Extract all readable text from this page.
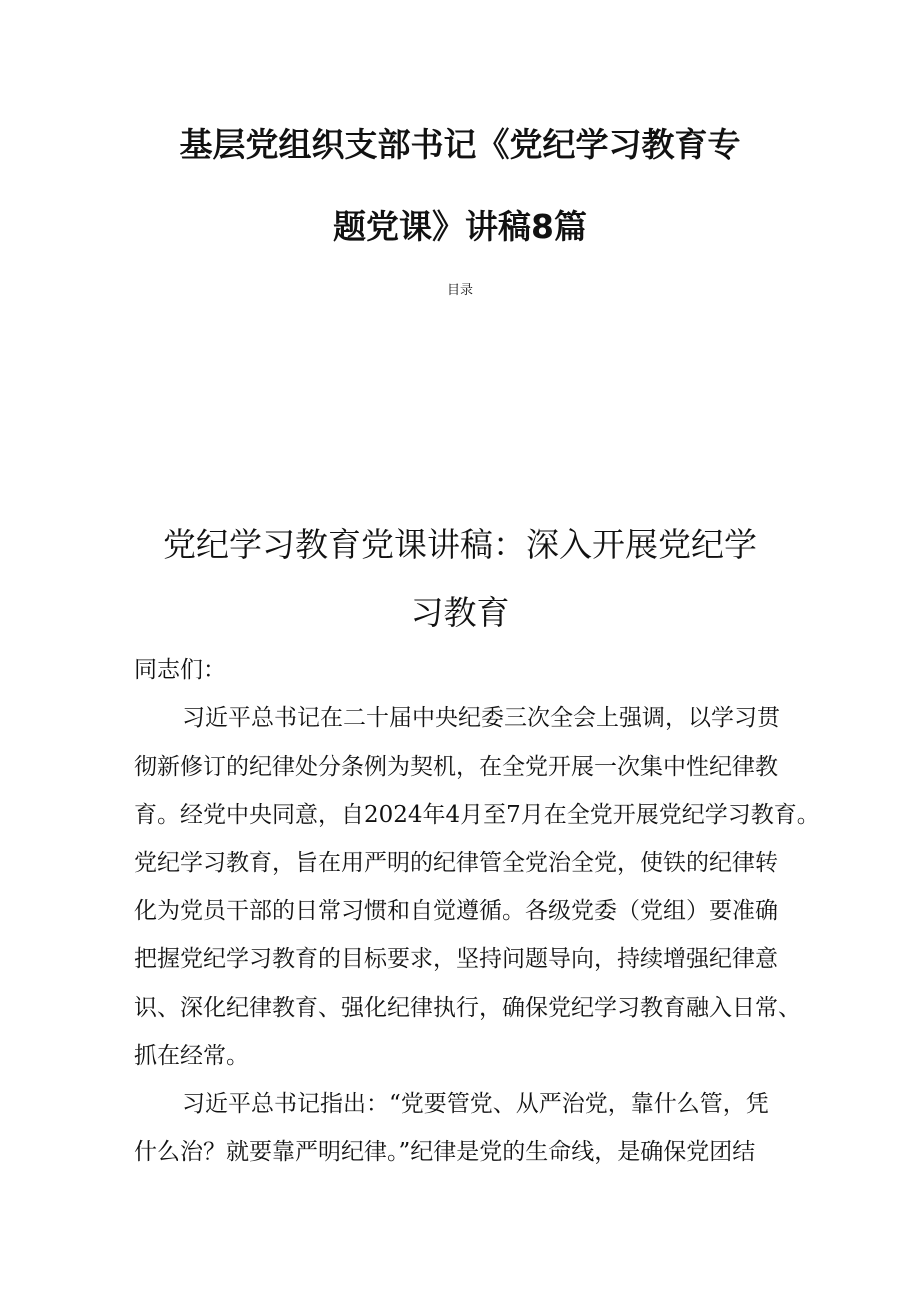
基层党组织支部书记《党纪学习教育专
题党课》讲稿8篇
目录
党纪学习教育党课讲稿：深入开展党纪学
习教育
同志们：
习近平总书记在二十届中央纪委三次全会上强调，以学习贯
彻新修订的纪律处分条例为契机，在全党开展一次集中性纪律教
育。经党中央同意，自2024年4月至7月在全党开展党纪学习教育。
党纪学习教育，旨在用严明的纪律管全党治全党，使铁的纪律转
化为党员干部的日常习惯和自觉遵循。各级党委（党组）要准确
把握党纪学习教育的目标要求，坚持问题导向，持续增强纪律意
识、深化纪律教育、强化纪律执行，确保党纪学习教育融入日常、
抓在经常。
习近平总书记指出：“党要管党、从严治党，靠什么管，凭
什么治？就要靠严明纪律。”纪律是党的生命线，是确保党团结
